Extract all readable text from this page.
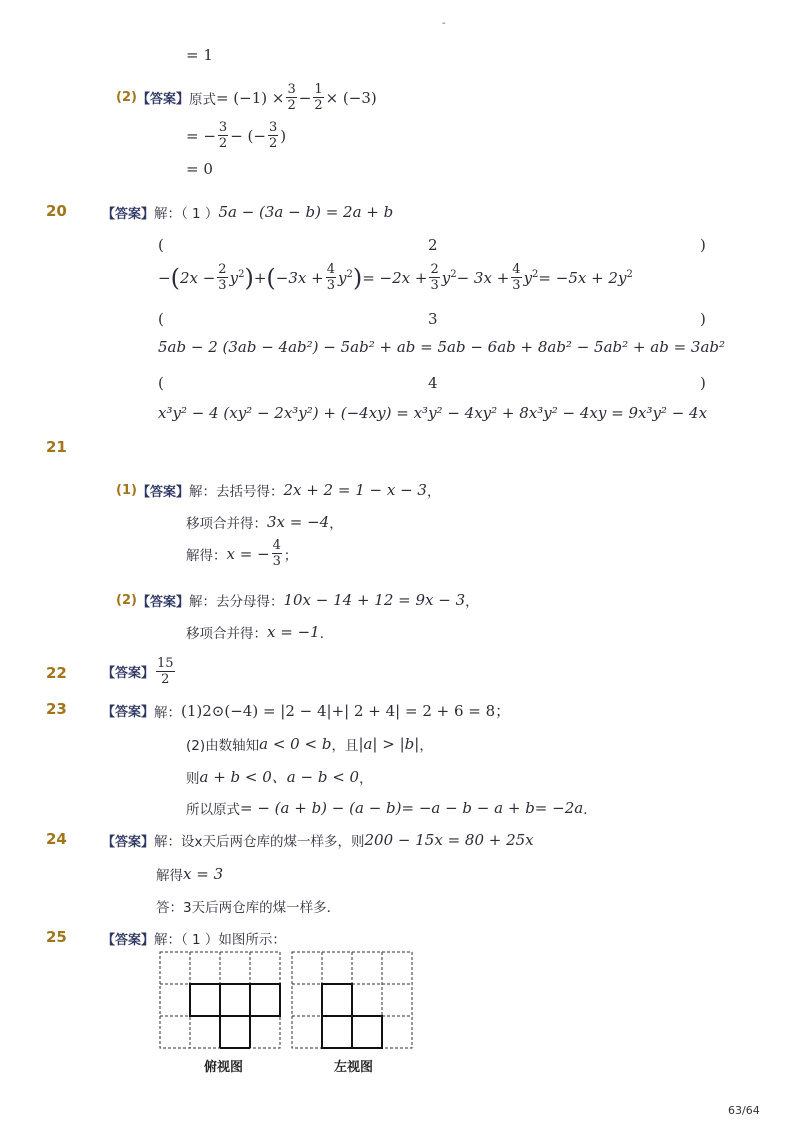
-
= 1
(2) 【答案】 原式 = $(-1) \times \frac{3}{2} - \frac{1}{2} \times (-3)$
= − $\frac{3}{2}$ − (− $\frac{3}{2}$ )
= 0
20	【答案】 解：（ 1 ） 5a − (3a − b) = 2a + b
(	2	)
− ( $2x - \frac{2}{3} y^2$ ) + ( $-3x + \frac{4}{3} y^2$ ) = $-2x + \frac{2}{3} y^2 - 3x + \frac{4}{3} y^2 = -5x + 2y^2$
(	3	)
5ab − 2 (3ab − 4ab²) − 5ab² + ab = 5ab − 6ab + 8ab² − 5ab² + ab = 3ab²
(	4	)
x³y² − 4 (xy² − 2x³y²) + (−4xy) = x³y² − 4xy² + 8x³y² − 4xy = 9x³y² − 4x
21
(1) 【答案】 解：去括号得： 2x + 2 = 1 − x − 3 ，
移项合并得： 3x = −4 ，
解得： x = − $\frac{4}{3}$ ；
(2) 【答案】 解：去分母得： 10x − 14 + 12 = 9x − 3 ，
移项合并得： x = −1 ．
22	【答案】 $\frac{15}{2}$
23	【答案】 解： (1)2⊙(−4) = |2 − 4|+| 2 + 4| = 2 + 6 = 8；
(2)由数轴知 a < 0 < b ，且 |a| > |b| ，
则 a + b < 0、a − b < 0 ，
所以原式 = − (a + b) − (a − b)= −a − b − a + b= −2a ．
24	【答案】 解：设x天后两仓库的煤一样多，则 200 − 15x = 80 + 25x
解得 x = 3
答：3天后两仓库的煤一样多．
25	【答案】 解：（ 1 ）如图所示：
俯视图	左视图
63/64
